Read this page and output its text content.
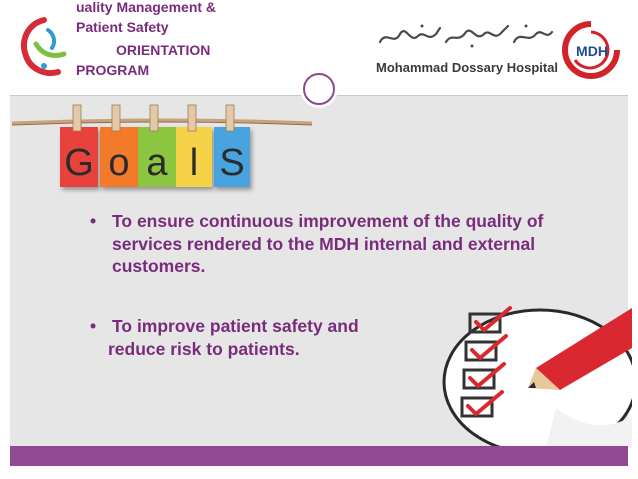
uality Management &
Patient Safety
ORIENTATION
PROGRAM	Mohammad Dossary Hospital
MDH
G o a l S
• To ensure continuous improvement of the quality of services rendered to the MDH internal and external customers.
• To improve patient safety and
reduce risk to patients.
